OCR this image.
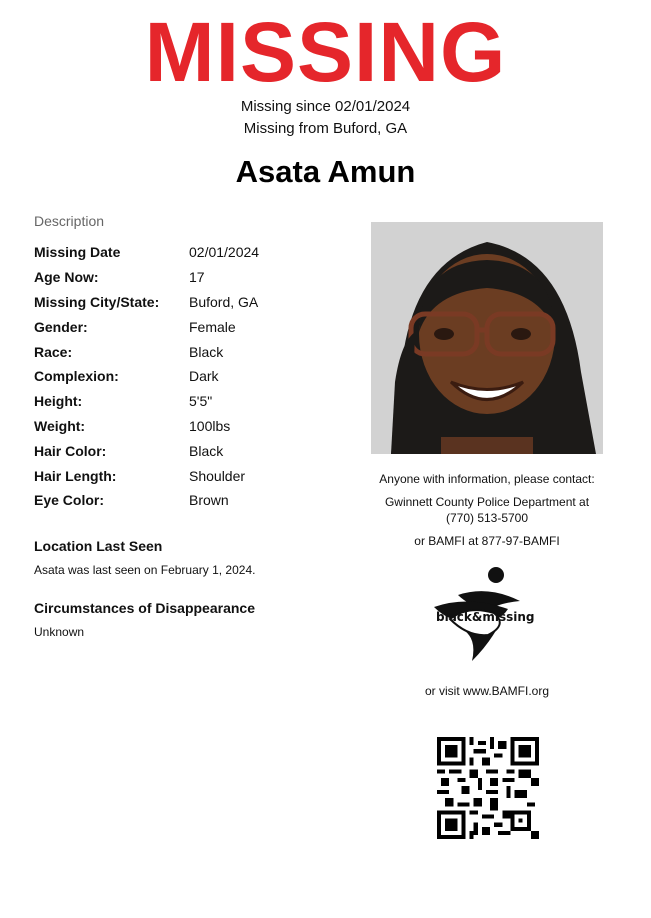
MISSING
Missing since 02/01/2024
Missing from Buford, GA
Asata Amun
Description
Missing Date	02/01/2024
Age Now:	17
Missing City/State:	Buford, GA
Gender:	Female
Race:	Black
Complexion:	Dark
Height:	5'5"
Weight:	100lbs
Hair Color:	Black
Hair Length:	Shoulder
Eye Color:	Brown
Location Last Seen
Asata was last seen on February 1, 2024.
Circumstances of Disappearance
Unknown
Anyone with information, please contact:
Gwinnett County Police Department at
(770) 513-5700
or BAMFI at 877-97-BAMFI
black&missing
or visit www.BAMFI.org
